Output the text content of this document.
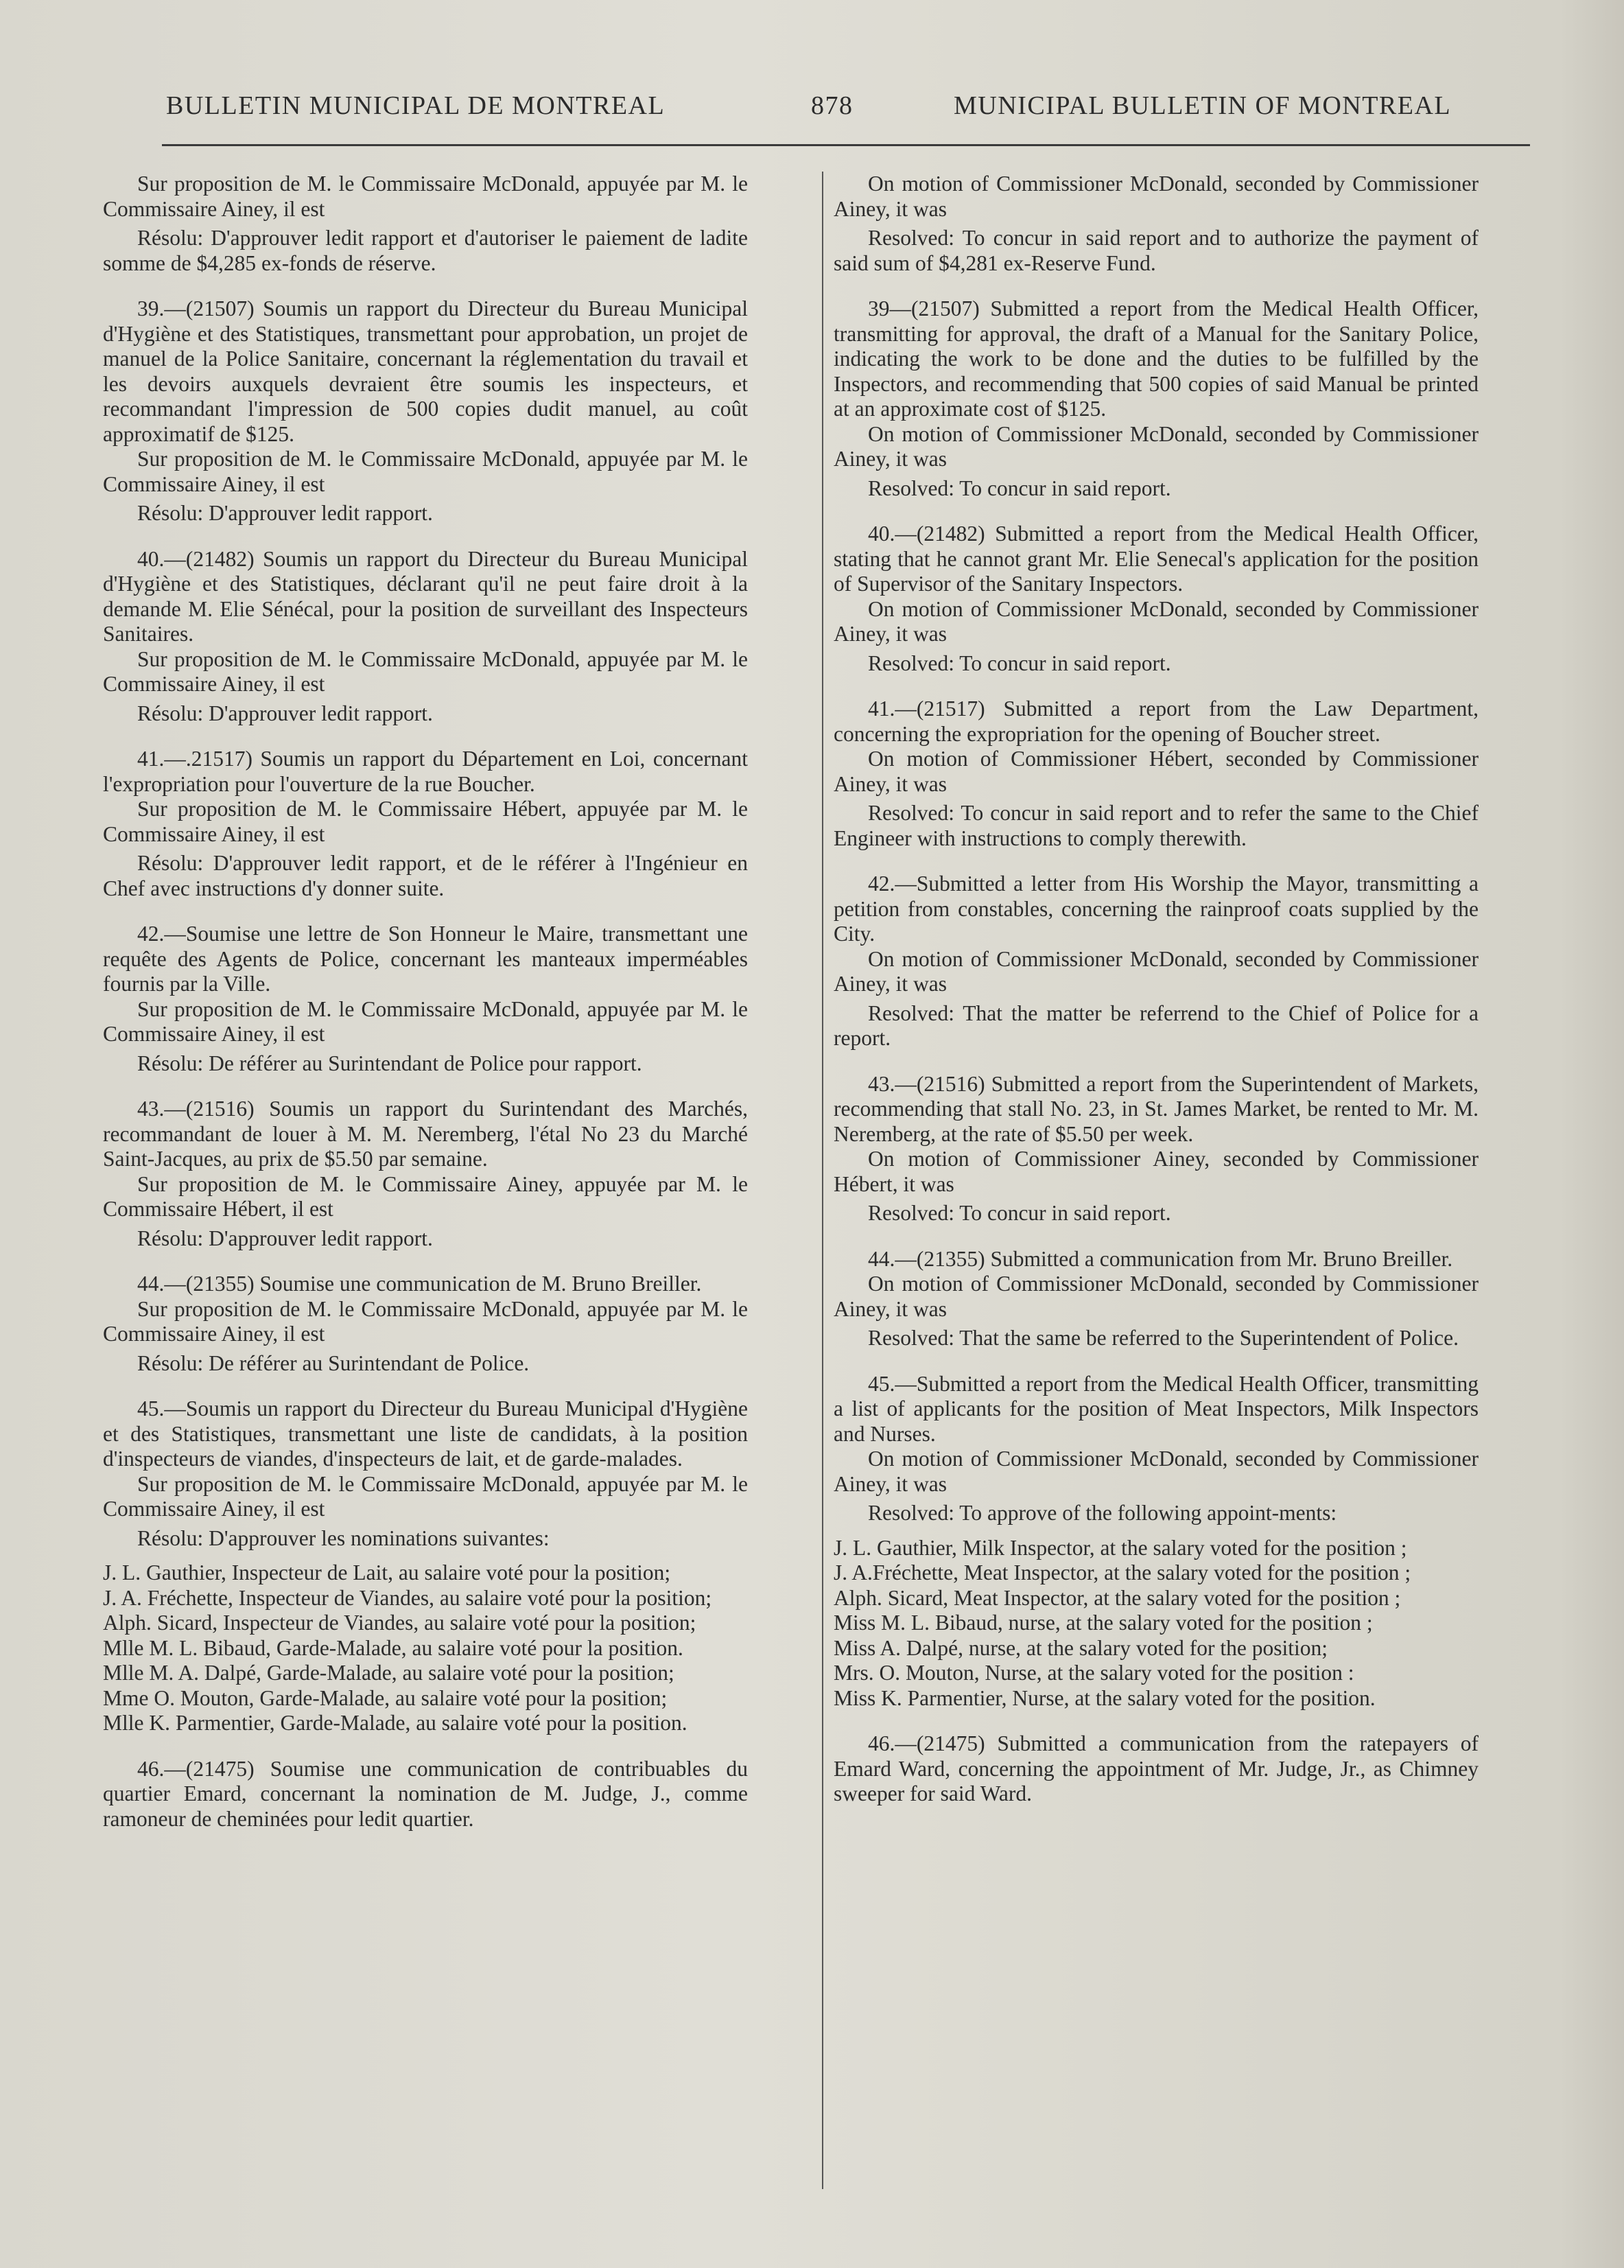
BULLETIN MUNICIPAL DE MONTREAL	878	MUNICIPAL BULLETIN OF MONTREAL

Sur proposition de M. le Commissaire McDonald, appuyée par M. le Commissaire Ainey, il est

Résolu: D'approuver ledit rapport et d'autoriser le paiement de ladite somme de $4,285 ex-fonds de réserve.

39.—(21507) Soumis un rapport du Directeur du Bureau Municipal d'Hygiène et des Statistiques, transmettant pour approbation, un projet de manuel de la Police Sanitaire, concernant la réglementation du travail et les devoirs auxquels devraient être soumis les inspecteurs, et recommandant l'impression de 500 copies dudit manuel, au coût approximatif de $125.

Sur proposition de M. le Commissaire McDonald, appuyée par M. le Commissaire Ainey, il est

Résolu: D'approuver ledit rapport.

40.—(21482) Soumis un rapport du Directeur du Bureau Municipal d'Hygiène et des Statistiques, déclarant qu'il ne peut faire droit à la demande M. Elie Sénécal, pour la position de surveillant des Inspecteurs Sanitaires.

Sur proposition de M. le Commissaire McDonald, appuyée par M. le Commissaire Ainey, il est

Résolu: D'approuver ledit rapport.

41.—.21517) Soumis un rapport du Département en Loi, concernant l'expropriation pour l'ouverture de la rue Boucher.

Sur proposition de M. le Commissaire Hébert, appuyée par M. le Commissaire Ainey, il est

Résolu: D'approuver ledit rapport, et de le référer à l'Ingénieur en Chef avec instructions d'y donner suite.

42.—Soumise une lettre de Son Honneur le Maire, transmettant une requête des Agents de Police, concernant les manteaux imperméables fournis par la Ville.

Sur proposition de M. le Commissaire McDonald, appuyée par M. le Commissaire Ainey, il est

Résolu: De référer au Surintendant de Police pour rapport.

43.—(21516) Soumis un rapport du Surintendant des Marchés, recommandant de louer à M. M. Neremberg, l'étal No 23 du Marché Saint-Jacques, au prix de $5.50 par semaine.

Sur proposition de M. le Commissaire Ainey, appuyée par M. le Commissaire Hébert, il est

Résolu: D'approuver ledit rapport.

44.—(21355) Soumise une communication de M. Bruno Breiller.

Sur proposition de M. le Commissaire McDonald, appuyée par M. le Commissaire Ainey, il est

Résolu: De référer au Surintendant de Police.

45.—Soumis un rapport du Directeur du Bureau Municipal d'Hygiène et des Statistiques, transmettant une liste de candidats, à la position d'inspecteurs de viandes, d'inspecteurs de lait, et de garde-malades.

Sur proposition de M. le Commissaire McDonald, appuyée par M. le Commissaire Ainey, il est

Résolu: D'approuver les nominations suivantes:

J. L. Gauthier, Inspecteur de Lait, au salaire voté pour la position;

J. A. Fréchette, Inspecteur de Viandes, au salaire voté pour la position;

Alph. Sicard, Inspecteur de Viandes, au salaire voté pour la position;

Mlle M. L. Bibaud, Garde-Malade, au salaire voté pour la position.

Mlle M. A. Dalpé, Garde-Malade, au salaire voté pour la position;

Mme O. Mouton, Garde-Malade, au salaire voté pour la position;

Mlle K. Parmentier, Garde-Malade, au salaire voté pour la position.

46.—(21475) Soumise une communication de contribuables du quartier Emard, concernant la nomination de M. Judge, J., comme ramoneur de cheminées pour ledit quartier.

On motion of Commissioner McDonald, seconded by Commissioner Ainey, it was

Resolved: To concur in said report and to authorize the payment of said sum of $4,281 ex-Reserve Fund.

39—(21507) Submitted a report from the Medical Health Officer, transmitting for approval, the draft of a Manual for the Sanitary Police, indicating the work to be done and the duties to be fulfilled by the Inspectors, and recommending that 500 copies of said Manual be printed at an approximate cost of $125.

On motion of Commissioner McDonald, seconded by Commissioner Ainey, it was

Resolved: To concur in said report.

40.—(21482) Submitted a report from the Medical Health Officer, stating that he cannot grant Mr. Elie Senecal's application for the position of Supervisor of the Sanitary Inspectors.

On motion of Commissioner McDonald, seconded by Commissioner Ainey, it was

Resolved: To concur in said report.

41.—(21517) Submitted a report from the Law Department, concerning the expropriation for the opening of Boucher street.

On motion of Commissioner Hébert, seconded by Commissioner Ainey, it was

Resolved: To concur in said report and to refer the same to the Chief Engineer with instructions to comply therewith.

42.—Submitted a letter from His Worship the Mayor, transmitting a petition from constables, concerning the rainproof coats supplied by the City.

On motion of Commissioner McDonald, seconded by Commissioner Ainey, it was

Resolved: That the matter be referrend to the Chief of Police for a report.

43.—(21516) Submitted a report from the Superintendent of Markets, recommending that stall No. 23, in St. James Market, be rented to Mr. M. Neremberg, at the rate of $5.50 per week.

On motion of Commissioner Ainey, seconded by Commissioner Hébert, it was

Resolved: To concur in said report.

44.—(21355) Submitted a communication from Mr. Bruno Breiller.

On motion of Commissioner McDonald, seconded by Commissioner Ainey, it was

Resolved: That the same be referred to the Superintendent of Police.

45.—Submitted a report from the Medical Health Officer, transmitting a list of applicants for the position of Meat Inspectors, Milk Inspectors and Nurses.

On motion of Commissioner McDonald, seconded by Commissioner Ainey, it was

Resolved: To approve of the following appoint-ments:

J. L. Gauthier, Milk Inspector, at the salary voted for the position ;

J. A.Fréchette, Meat Inspector, at the salary voted for the position ;

Alph. Sicard, Meat Inspector, at the salary voted for the position ;

Miss M. L. Bibaud, nurse, at the salary voted for the position ;

Miss A. Dalpé, nurse, at the salary voted for the position;

Mrs. O. Mouton, Nurse, at the salary voted for the position :

Miss K. Parmentier, Nurse, at the salary voted for the position.

46.—(21475) Submitted a communication from the ratepayers of Emard Ward, concerning the appointment of Mr. Judge, Jr., as Chimney sweeper for said Ward.
